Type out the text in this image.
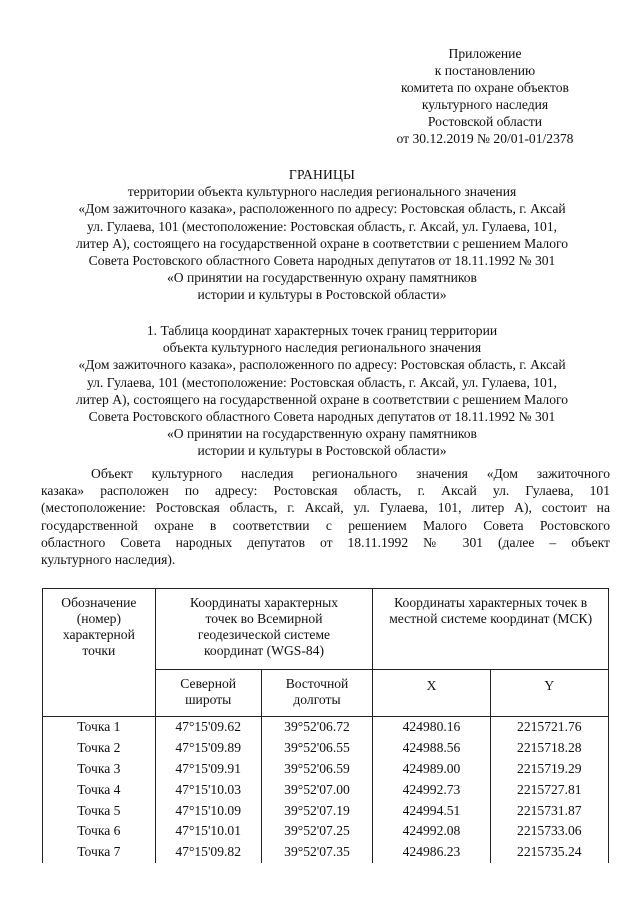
Приложение
к постановлению
комитета по охране объектов
культурного наследия
Ростовской области
от 30.12.2019 № 20/01-01/2378
ГРАНИЦЫ
территории объекта культурного наследия регионального значения
«Дом зажиточного казака», расположенного по адресу: Ростовская область, г. Аксай
ул. Гулаева, 101 (местоположение: Ростовская область, г. Аксай, ул. Гулаева, 101,
литер А), состоящего на государственной охране в соответствии с решением Малого
Совета Ростовского областного Совета народных депутатов от 18.11.1992 № 301
«О принятии на государственную охрану памятников
истории и культуры в Ростовской области»
1. Таблица координат характерных точек границ территории
объекта культурного наследия регионального значения
«Дом зажиточного казака», расположенного по адресу: Ростовская область, г. Аксай
ул. Гулаева, 101 (местоположение: Ростовская область, г. Аксай, ул. Гулаева, 101,
литер А), состоящего на государственной охране в соответствии с решением Малого
Совета Ростовского областного Совета народных депутатов от 18.11.1992 № 301
«О принятии на государственную охрану памятников
истории и культуры в Ростовской области»
Объект культурного наследия регионального значения «Дом зажиточного
казака» расположен по адресу: Ростовская область, г. Аксай ул. Гулаева, 101
(местоположение: Ростовская область, г. Аксай, ул. Гулаева, 101, литер А), состоит на
государственной охране в соответствии с решением Малого Совета Ростовского
областного Совета народных депутатов от 18.11.1992 № 301 (далее – объект
культурного наследия).
Обозначение (номер) характерной точки	Координаты характерных точек во Всемирной геодезической системе координат (WGS-84)		Координаты характерных точек в местной системе координат (МСК)	
	Северной широты	Восточной долготы	X	Y
Точка 1	47°15'09.62	39°52'06.72	424980.16	2215721.76
Точка 2	47°15'09.89	39°52'06.55	424988.56	2215718.28
Точка 3	47°15'09.91	39°52'06.59	424989.00	2215719.29
Точка 4	47°15'10.03	39°52'07.00	424992.73	2215727.81
Точка 5	47°15'10.09	39°52'07.19	424994.51	2215731.87
Точка 6	47°15'10.01	39°52'07.25	424992.08	2215733.06
Точка 7	47°15'09.82	39°52'07.35	424986.23	2215735.24
